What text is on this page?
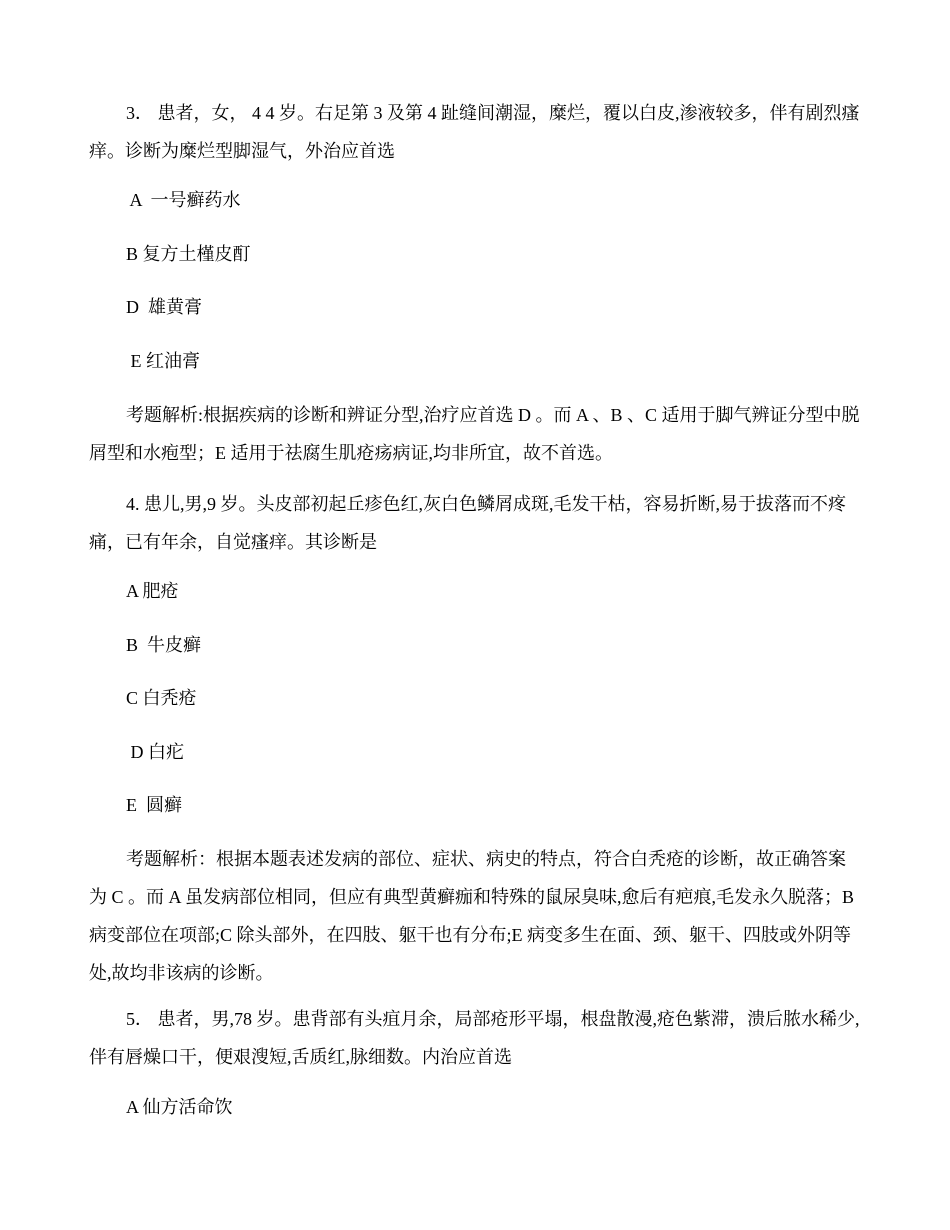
3． 患者，女， 4 4 岁。右足第 3 及第 4 趾缝间潮湿，糜烂，覆以白皮,渗液较多，伴有剧烈瘙痒。诊断为糜烂型脚湿气，外治应首选

A  一号癣药水

B 复方土槿皮酊

D  雄黄膏

E 红油膏

考题解析:根据疾病的诊断和辨证分型,治疗应首选 D 。而 A 、B 、C 适用于脚气辨证分型中脱屑型和水疱型；E 适用于祛腐生肌疮疡病证,均非所宜，故不首选。

4. 患儿,男,9 岁。头皮部初起丘疹色红,灰白色鳞屑成斑,毛发干枯，容易折断,易于拔落而不疼痛，已有年余，自觉瘙痒。其诊断是

A 肥疮

B  牛皮癣

C 白秃疮

D 白疕

E  圆癣

考题解析：根据本题表述发病的部位、症状、病史的特点，符合白秃疮的诊断，故正确答案为 C 。而 A 虽发病部位相同，但应有典型黄癣痂和特殊的鼠尿臭味,愈后有疤痕,毛发永久脱落；B 病变部位在项部;C 除头部外，在四肢、躯干也有分布;E 病变多生在面、颈、躯干、四肢或外阴等处,故均非该病的诊断。

5． 患者，男,78 岁。患背部有头疽月余，局部疮形平塌，根盘散漫,疮色紫滞，溃后脓水稀少,伴有唇燥口干，便艰溲短,舌质红,脉细数。内治应首选

A 仙方活命饮
